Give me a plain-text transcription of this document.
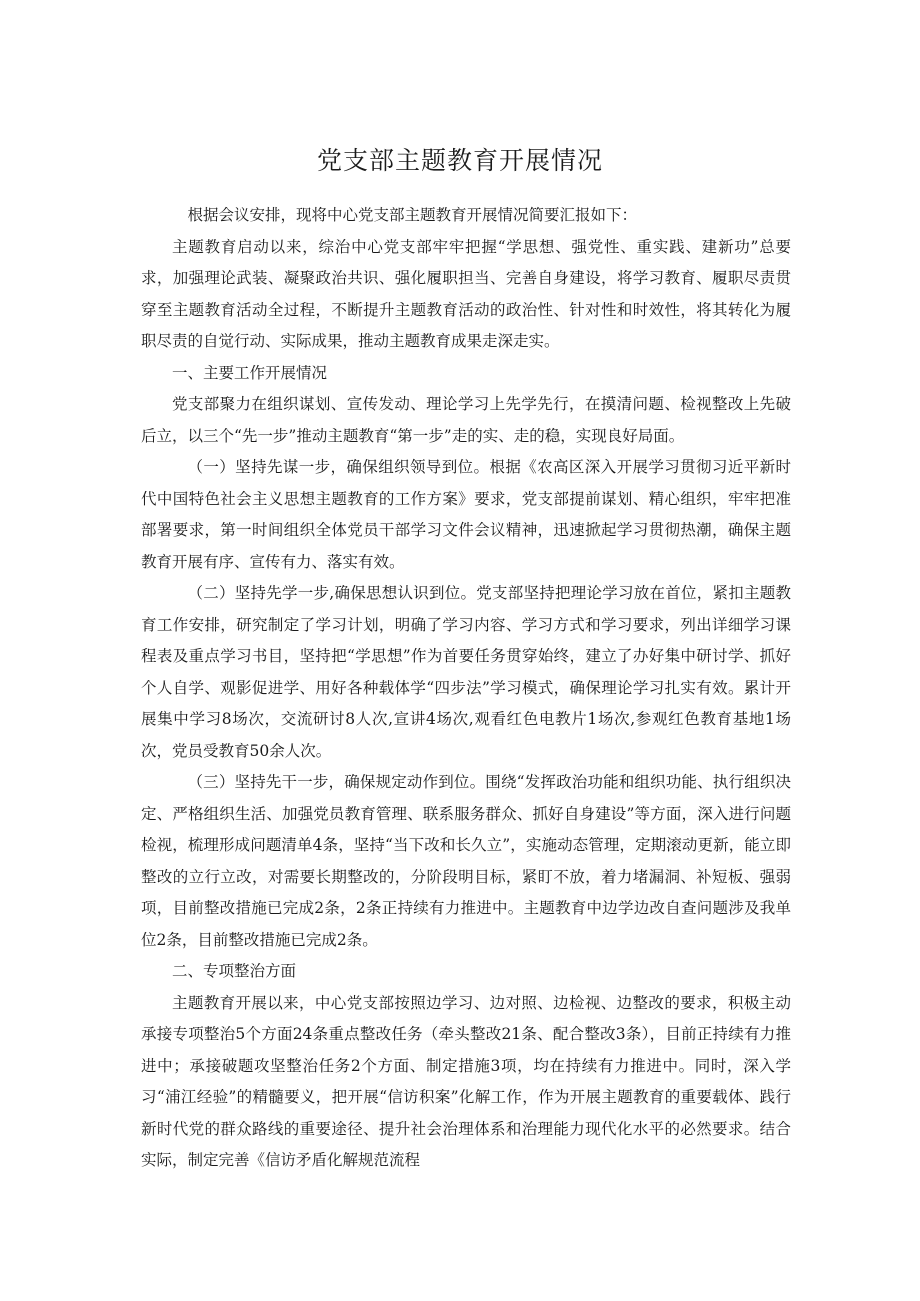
党支部主题教育开展情况

根据会议安排，现将中心党支部主题教育开展情况简要汇报如下：

主题教育启动以来，综治中心党支部牢牢把握“学思想、强党性、重实践、建新功”总要求，加强理论武装、凝聚政治共识、强化履职担当、完善自身建设，将学习教育、履职尽责贯穿至主题教育活动全过程，不断提升主题教育活动的政治性、针对性和时效性，将其转化为履职尽责的自觉行动、实际成果，推动主题教育成果走深走实。

一、主要工作开展情况

党支部聚力在组织谋划、宣传发动、理论学习上先学先行，在摸清问题、检视整改上先破后立，以三个“先一步”推动主题教育“第一步”走的实、走的稳，实现良好局面。

（一）坚持先谋一步，确保组织领导到位。根据《农高区深入开展学习贯彻习近平新时代中国特色社会主义思想主题教育的工作方案》要求，党支部提前谋划、精心组织，牢牢把准部署要求，第一时间组织全体党员干部学习文件会议精神，迅速掀起学习贯彻热潮，确保主题教育开展有序、宣传有力、落实有效。

（二）坚持先学一步,确保思想认识到位。党支部坚持把理论学习放在首位，紧扣主题教育工作安排，研究制定了学习计划，明确了学习内容、学习方式和学习要求，列出详细学习课程表及重点学习书目，坚持把“学思想”作为首要任务贯穿始终，建立了办好集中研讨学、抓好个人自学、观影促进学、用好各种载体学“四步法”学习模式，确保理论学习扎实有效。累计开展集中学习8场次，交流研讨8人次,宣讲4场次,观看红色电教片1场次,参观红色教育基地1场次，党员受教育50余人次。

（三）坚持先干一步，确保规定动作到位。围绕“发挥政治功能和组织功能、执行组织决定、严格组织生活、加强党员教育管理、联系服务群众、抓好自身建设”等方面，深入进行问题检视，梳理形成问题清单4条，坚持“当下改和长久立”，实施动态管理，定期滚动更新，能立即整改的立行立改，对需要长期整改的，分阶段明目标，紧盯不放，着力堵漏洞、补短板、强弱项，目前整改措施已完成2条，2条正持续有力推进中。主题教育中边学边改自查问题涉及我单位2条，目前整改措施已完成2条。

二、专项整治方面

主题教育开展以来，中心党支部按照边学习、边对照、边检视、边整改的要求，积极主动承接专项整治5个方面24条重点整改任务（牵头整改21条、配合整改3条），目前正持续有力推进中；承接破题攻坚整治任务2个方面、制定措施3项，均在持续有力推进中。同时，深入学习“浦江经验”的精髓要义，把开展“信访积案”化解工作，作为开展主题教育的重要载体、践行新时代党的群众路线的重要途径、提升社会治理体系和治理能力现代化水平的必然要求。结合实际，制定完善《信访矛盾化解规范流程
